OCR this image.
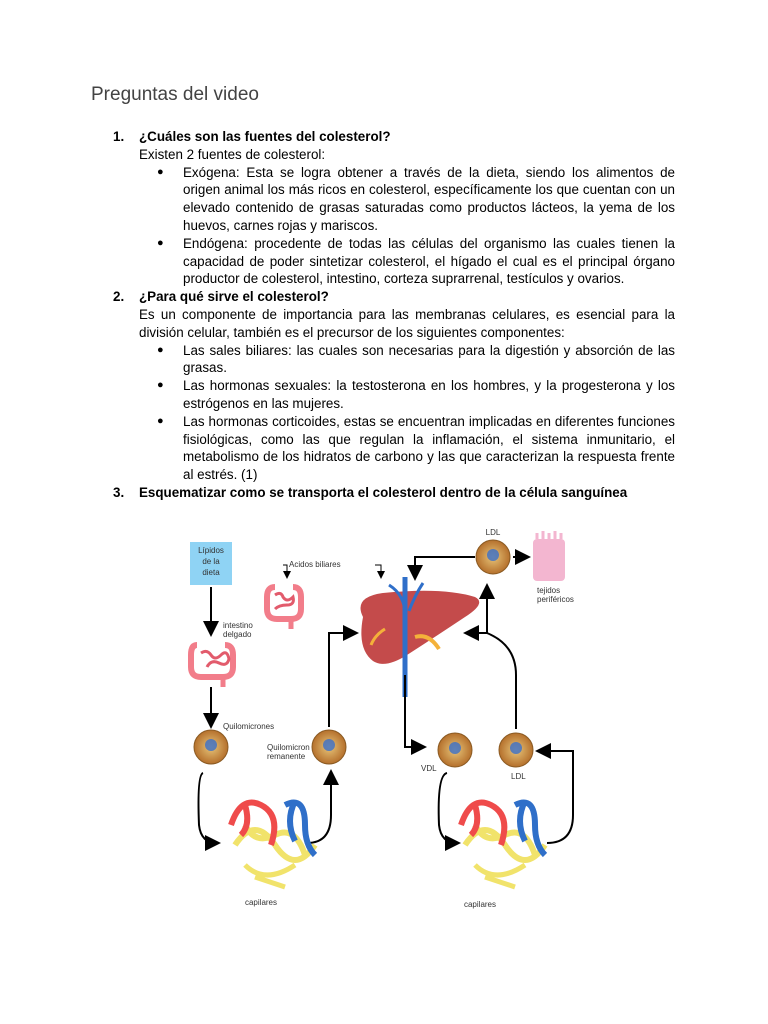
Preguntas del video
1.	¿Cuáles son las fuentes del colesterol?
Existen 2 fuentes de colesterol:
●	Exógena: Esta se logra obtener a través de la dieta, siendo los alimentos de origen animal los más ricos en colesterol, específicamente los que cuentan con un elevado contenido de grasas saturadas como productos lácteos, la yema de los huevos, carnes rojas y mariscos.
●	Endógena: procedente de todas las células del organismo las cuales tienen la capacidad de poder sintetizar colesterol, el hígado el cual es el principal órgano productor de colesterol, intestino, corteza suprarrenal, testículos y ovarios.
2.	¿Para qué sirve el colesterol?
Es un componente de importancia para las membranas celulares, es esencial para la división celular, también es el precursor de los siguientes componentes:
●	Las sales biliares: las cuales son necesarias para la digestión y absorción de las grasas.
●	Las hormonas sexuales: la testosterona en los hombres, y la progesterona y los estrógenos en las mujeres.
●	Las hormonas corticoides, estas se encuentran implicadas en diferentes funciones fisiológicas, como las que regulan la inflamación, el sistema inmunitario, el metabolismo de los hidratos de carbono y las que caracterizan la respuesta frente al estrés. (1)
3.	Esquematizar como se transporta el colesterol dentro de la célula sanguínea
Lípidos
de la
dieta
intestino
delgado
Acidos biliares
LDL
tejidos
periféricos
Quilomicrones
Quilomicron
remanente
capilares
VDL
LDL
capilares
